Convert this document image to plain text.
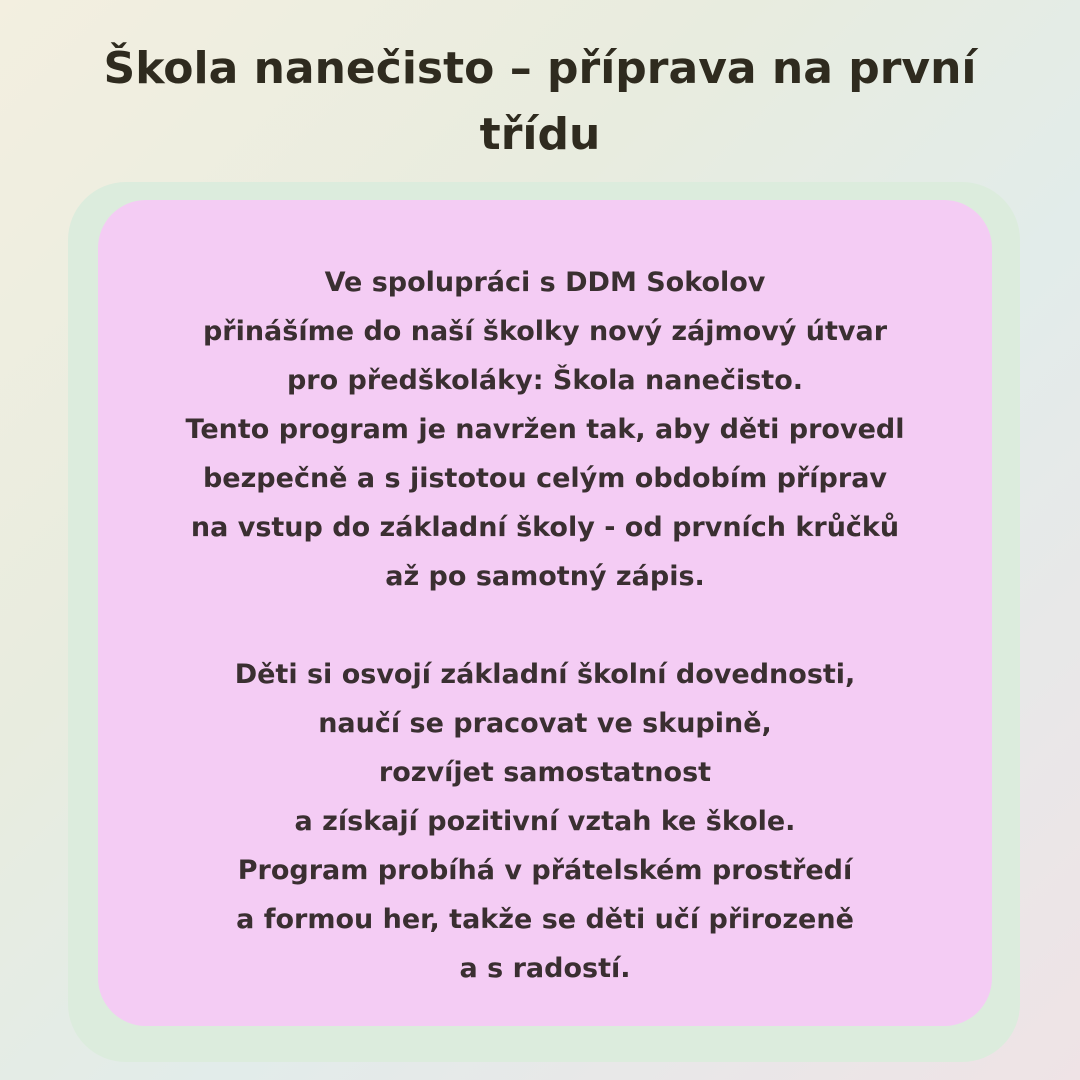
Škola nanečisto – příprava na první třídu
Ve spolupráci s DDM Sokolov
přinášíme do naší školky nový zájmový útvar
pro předškoláky: Škola nanečisto.
Tento program je navržen tak, aby děti provedl
bezpečně a s jistotou celým obdobím příprav
na vstup do základní školy - od prvních krůčků
až po samotný zápis.
Děti si osvojí základní školní dovednosti,
naučí se pracovat ve skupině,
rozvíjet samostatnost
a získají pozitivní vztah ke škole.
Program probíhá v přátelském prostředí
a formou her, takže se děti učí přirozeně
a s radostí.
